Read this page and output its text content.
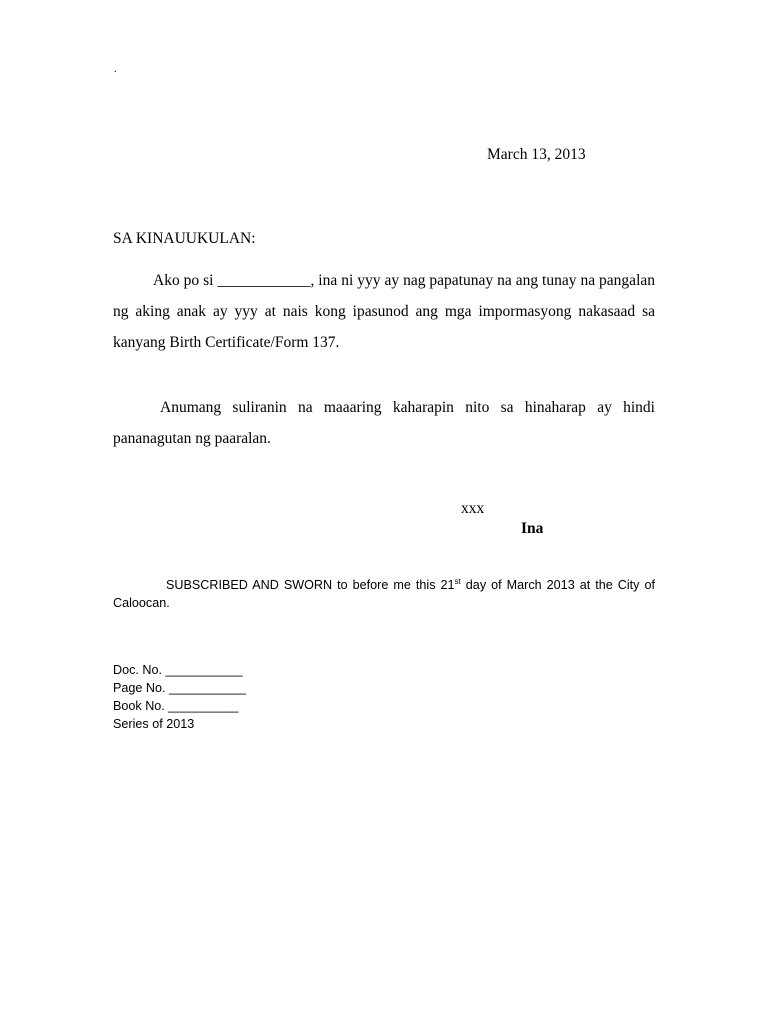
.
March 13, 2013
SA KINAUUKULAN:
Ako po si ____________, ina ni yyy ay nag papatunay na ang tunay na pangalan ng aking anak ay yyy at nais kong ipasunod ang mga impormasyong nakasaad sa kanyang Birth Certificate/Form 137.
Anumang suliranin na maaaring kaharapin nito sa hinaharap ay hindi pananagutan ng paaralan.
xxx
Ina
SUBSCRIBED AND SWORN to before me this 21st day of March 2013 at the City of Caloocan.
Doc. No. ___________
Page No. ___________
Book No. __________
Series of 2013
